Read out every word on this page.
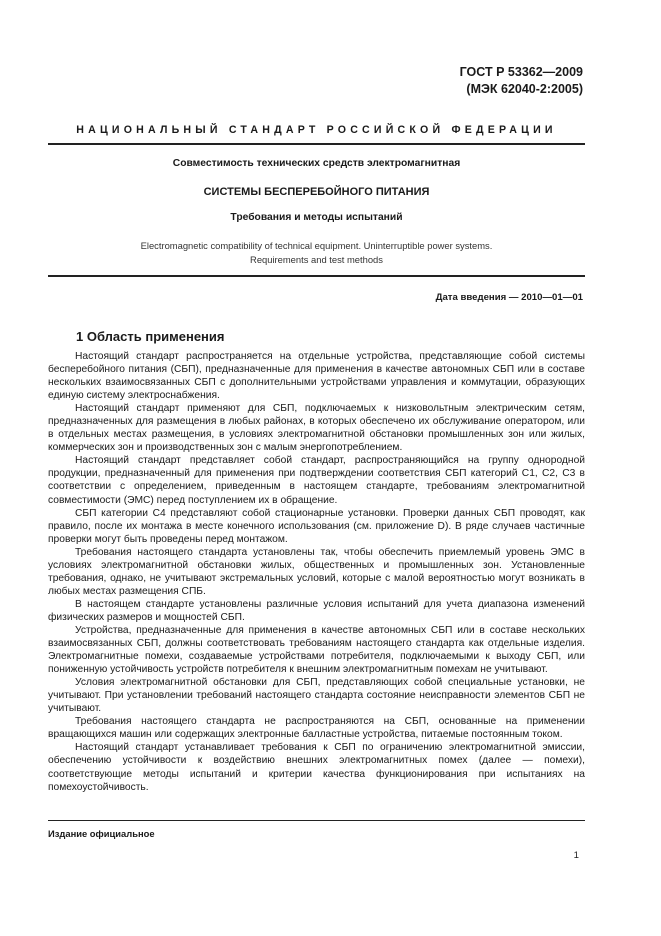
ГОСТ Р 53362—2009
(МЭК 62040-2:2005)
НАЦИОНАЛЬНЫЙ СТАНДАРТ РОССИЙСКОЙ ФЕДЕРАЦИИ
Совместимость технических средств электромагнитная
СИСТЕМЫ БЕСПЕРЕБОЙНОГО ПИТАНИЯ
Требования и методы испытаний
Electromagnetic compatibility of technical equipment. Uninterruptible power systems.
Requirements and test methods
Дата введения — 2010—01—01
1 Область применения

Настоящий стандарт распространяется на отдельные устройства, представляющие собой системы бесперебойного питания (СБП), предназначенные для применения в качестве автономных СБП или в составе нескольких взаимосвязанных СБП с дополнительными устройствами управления и коммутации, образующих единую систему электроснабжения.

Настоящий стандарт применяют для СБП, подключаемых к низковольтным электрическим сетям, предназначенных для размещения в любых районах, в которых обеспечено их обслуживание оператором, или в отдельных местах размещения, в условиях электромагнитной обстановки промышленных зон или жилых, коммерческих зон и производственных зон с малым энергопотреблением.

Настоящий стандарт представляет собой стандарт, распространяющийся на группу однородной продукции, предназначенный для применения при подтверждении соответствия СБП категорий С1, С2, С3 в соответствии с определением, приведенным в настоящем стандарте, требованиям электромагнитной совместимости (ЭМС) перед поступлением их в обращение.

СБП категории С4 представляют собой стационарные установки. Проверки данных СБП проводят, как правило, после их монтажа в месте конечного использования (см. приложение D). В ряде случаев частичные проверки могут быть проведены перед монтажом.

Требования настоящего стандарта установлены так, чтобы обеспечить приемлемый уровень ЭМС в условиях электромагнитной обстановки жилых, общественных и промышленных зон. Установленные требования, однако, не учитывают экстремальных условий, которые с малой вероятностью могут возникать в любых местах размещения СПБ.

В настоящем стандарте установлены различные условия испытаний для учета диапазона изменений физических размеров и мощностей СБП.

Устройства, предназначенные для применения в качестве автономных СБП или в составе нескольких взаимосвязанных СБП, должны соответствовать требованиям настоящего стандарта как отдельные изделия. Электромагнитные помехи, создаваемые устройствами потребителя, подключаемыми к выходу СБП, или пониженную устойчивость устройств потребителя к внешним электромагнитным помехам не учитывают.

Условия электромагнитной обстановки для СБП, представляющих собой специальные установки, не учитывают. При установлении требований настоящего стандарта состояние неисправности элементов СБП не учитывают.

Требования настоящего стандарта не распространяются на СБП, основанные на применении вращающихся машин или содержащих электронные балластные устройства, питаемые постоянным током.

Настоящий стандарт устанавливает требования к СБП по ограничению электромагнитной эмиссии, обеспечению устойчивости к воздействию внешних электромагнитных помех (далее — помехи), соответствующие методы испытаний и критерии качества функционирования при испытаниях на помехоустойчивость.

Издание официальное
1
